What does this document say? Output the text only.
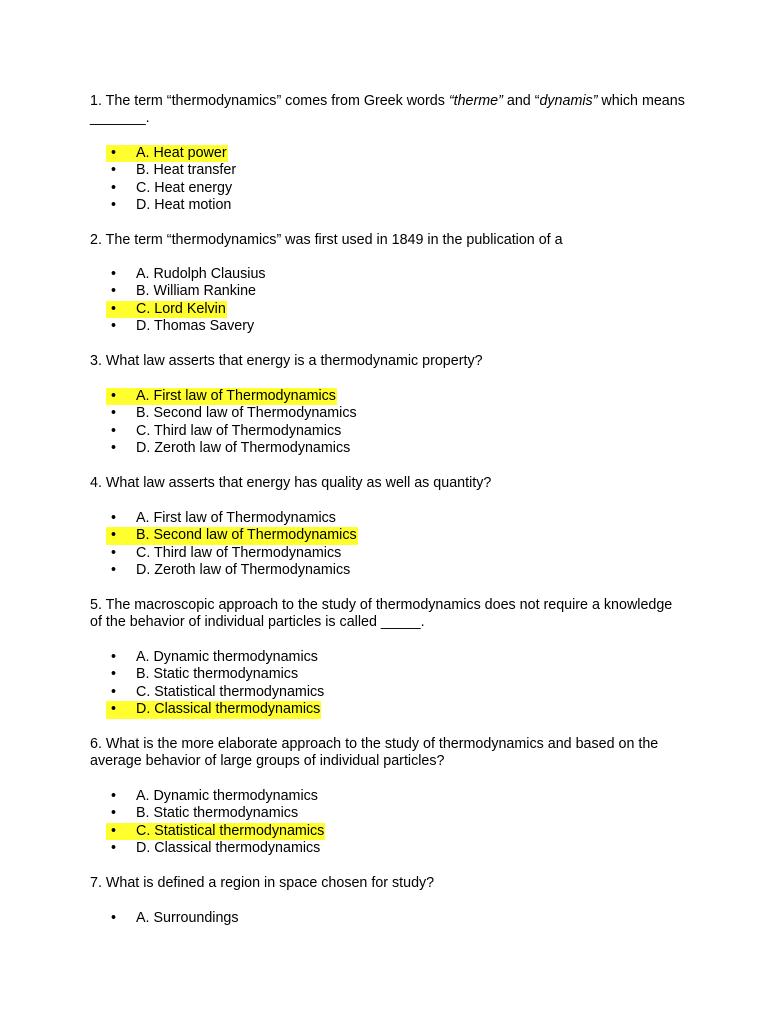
1. The term “thermodynamics” comes from Greek words “therme” and “dynamis” which means _______.

• A. Heat power
• B. Heat transfer
• C. Heat energy
• D. Heat motion

2. The term “thermodynamics” was first used in 1849 in the publication of a

• A. Rudolph Clausius
• B. William Rankine
• C. Lord Kelvin
• D. Thomas Savery

3. What law asserts that energy is a thermodynamic property?

• A. First law of Thermodynamics
• B. Second law of Thermodynamics
• C. Third law of Thermodynamics
• D. Zeroth law of Thermodynamics

4. What law asserts that energy has quality as well as quantity?

• A. First law of Thermodynamics
• B. Second law of Thermodynamics
• C. Third law of Thermodynamics
• D. Zeroth law of Thermodynamics

5. The macroscopic approach to the study of thermodynamics does not require a knowledge of the behavior of individual particles is called _____.

• A. Dynamic thermodynamics
• B. Static thermodynamics
• C. Statistical thermodynamics
• D. Classical thermodynamics

6. What is the more elaborate approach to the study of thermodynamics and based on the average behavior of large groups of individual particles?

• A. Dynamic thermodynamics
• B. Static thermodynamics
• C. Statistical thermodynamics
• D. Classical thermodynamics

7. What is defined a region in space chosen for study?

• A. Surroundings
